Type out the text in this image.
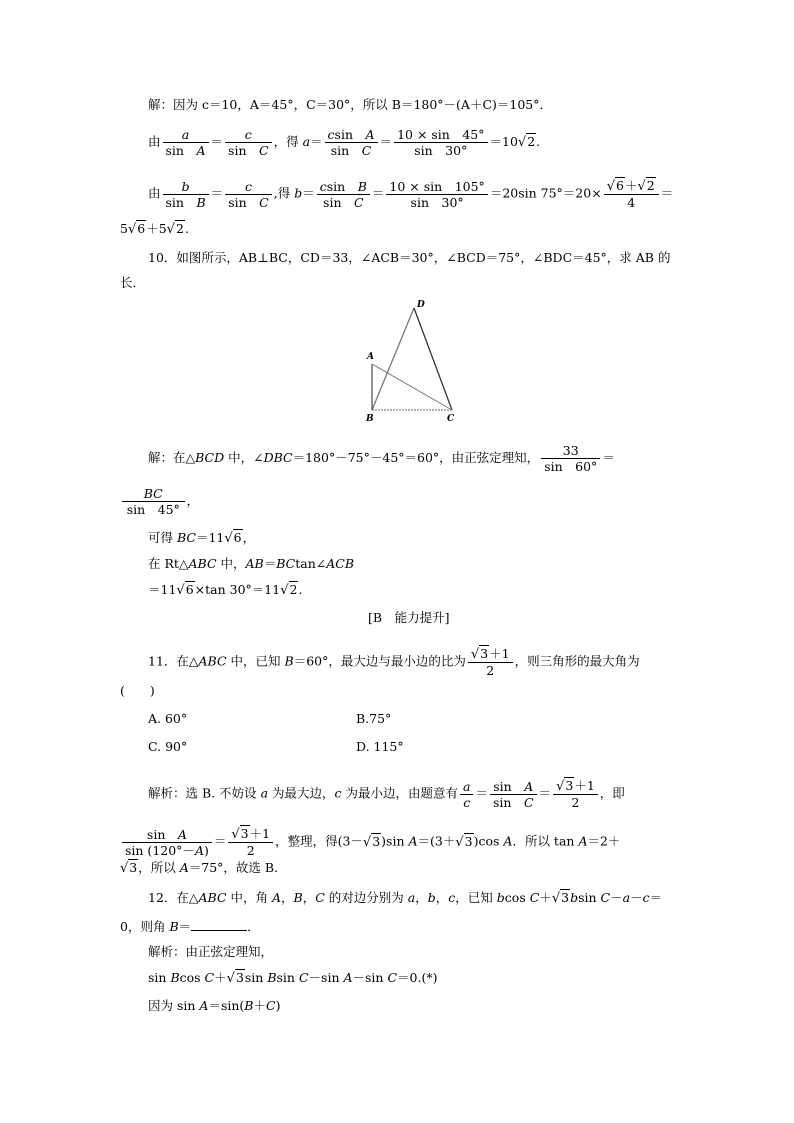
解：因为 c＝10，A＝45°，C＝30°，所以 B＝180°－(A＋C)＝105°．
由 $\frac{a}{\text{sin　A}} = \frac{c}{\text{sin　C}}$ ，得 $a= \frac{\text{csin　A}}{\text{sin　C}} = \frac{10 \times \sin 45^\circ}{\sin 30^\circ} =10√2$.
由 $\frac{b}{\text{sin　B}} = \frac{c}{\text{sin　C}}$ ,得 $b= \frac{\text{csin　B}}{\text{sin　C}} = \frac{10 \times \sin 105^\circ}{\sin 30^\circ} =20\sin$ $75^\circ=20\times \frac{√6+√2}{4}$ ＝
5√6＋5√2.
10．如图所示，AB⊥BC，CD＝33，∠ACB＝30°，∠BCD＝75°，∠BDC＝45°，求 AB 的
长．
D
A
B	C
解：在△BCD 中，∠DBC＝180°－75°－45°＝60°，由正弦定理知， $\frac{33}{\sin 60^\circ}$ ＝
$\frac{BC}{\sin 45^\circ}$ ，
可得 BC＝11√6，
在 Rt△ABC 中，AB＝BCtan∠ACB
＝11√6×tan 30°＝11√2.
[B　能力提升]
11．在△ABC 中，已知 B＝60°，最大边与最小边的比为 $\frac{√3+1}{2}$ ，则三角形的最大角为
(　　)
A. 60°	B.75°
C. 90°	D. 115°
解析：选 B. 不妨设 a 为最大边，c 为最小边，由题意有 $\frac{a}{c} = \frac{\text{sin　A}}{\text{sin　C}} = \frac{√3+1}{2}$ ，即
$\frac{\text{sin　A}}{\sin (120^\circ-A)} = \frac{√3+1}{2}$ ，整理，得(3－√3)sin A＝(3＋√3)cos A．所以 tan A＝2＋
√3，所以 A＝75°，故选 B.
12．在△ABC 中，角 A，B，C 的对边分别为 a，b，c，已知 bcos C＋√3bsin C－a－c＝
0，则角 B＝	．
解析：由正弦定理知，
sin Bcos C＋√3sin Bsin C－sin A－sin C＝0.(*)
因为 sin A＝sin(B＋C)
